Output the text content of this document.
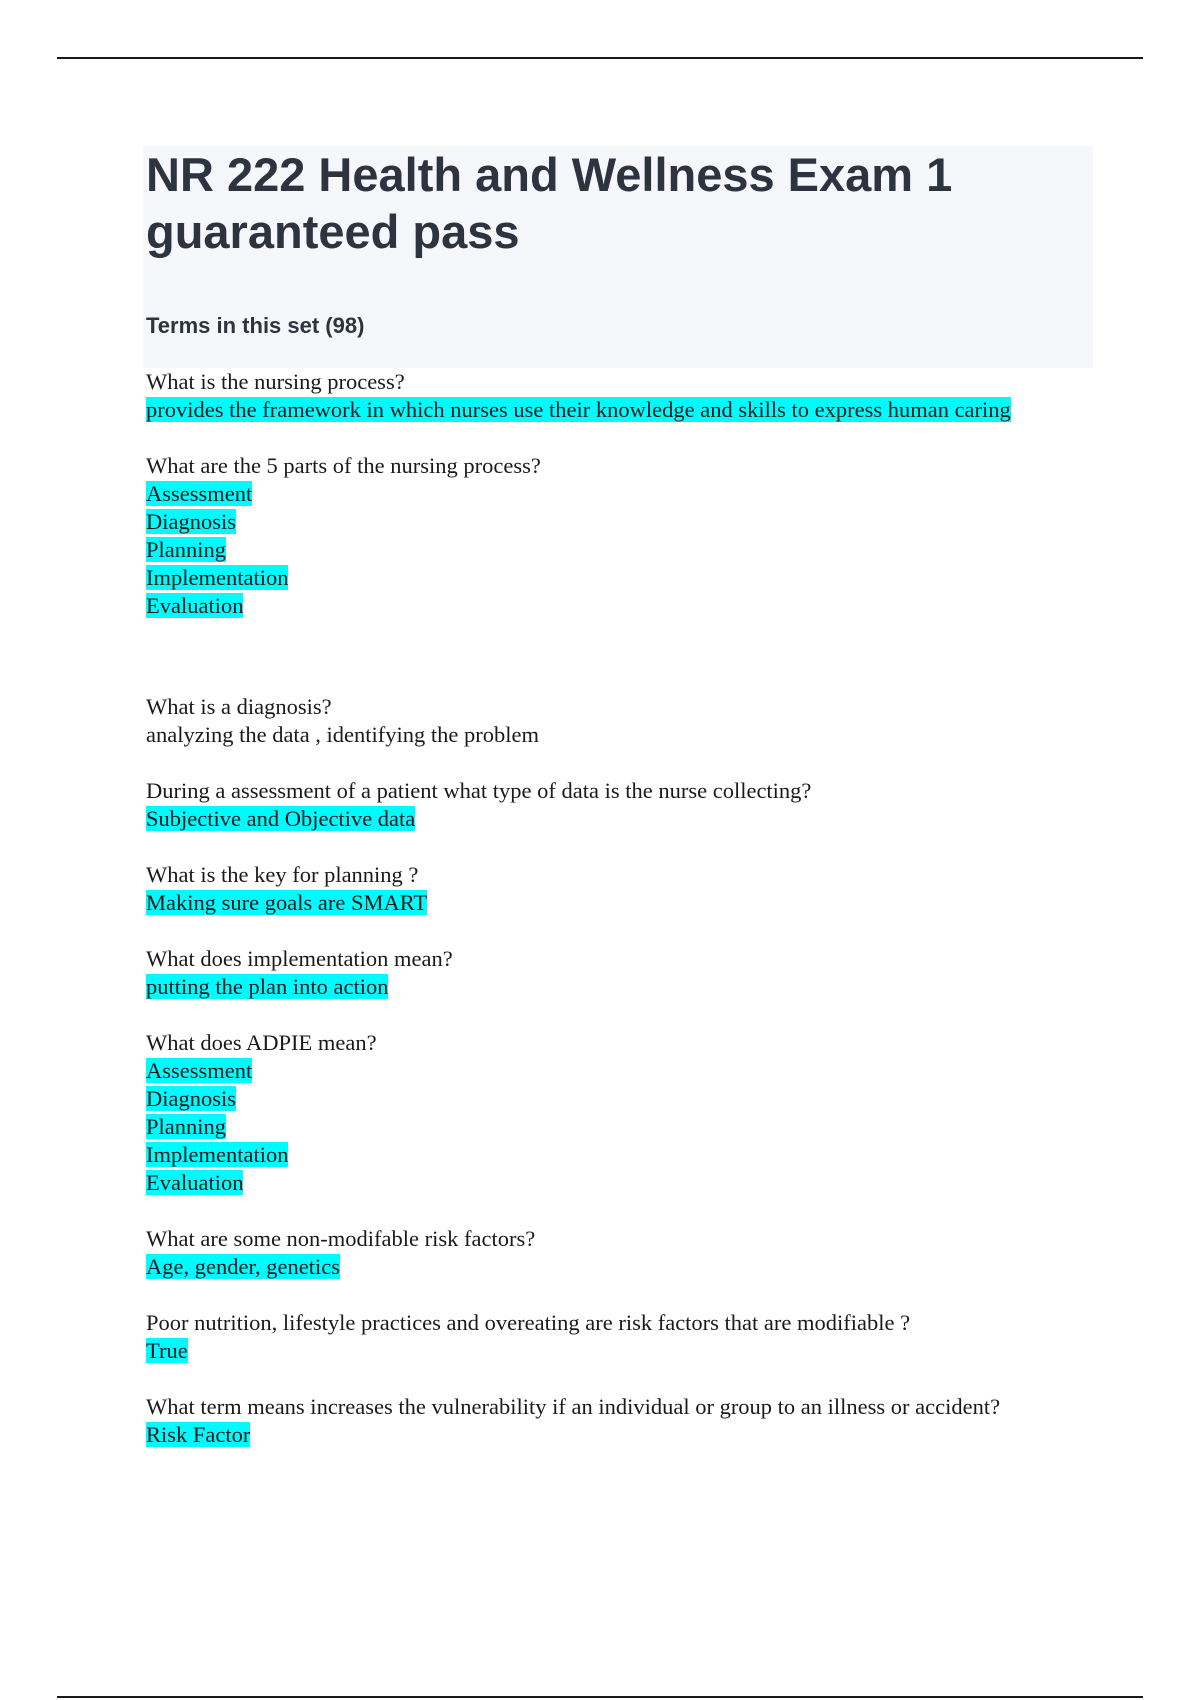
NR 222 Health and Wellness Exam 1 guaranteed pass
Terms in this set (98)
What is the nursing process?
provides the framework in which nurses use their knowledge and skills to express human caring
What are the 5 parts of the nursing process?
Assessment
Diagnosis
Planning
Implementation
Evaluation
What is a diagnosis?
analyzing the data , identifying the problem
During a assessment of a patient what type of data is the nurse collecting?
Subjective and Objective data
What is the key for planning ?
Making sure goals are SMART
What does implementation mean?
putting the plan into action
What does ADPIE mean?
Assessment
Diagnosis
Planning
Implementation
Evaluation
What are some non-modifable risk factors?
Age, gender, genetics
Poor nutrition, lifestyle practices and overeating are risk factors that are modifiable ?
True
What term means increases the vulnerability if an individual or group to an illness or accident?
Risk Factor
